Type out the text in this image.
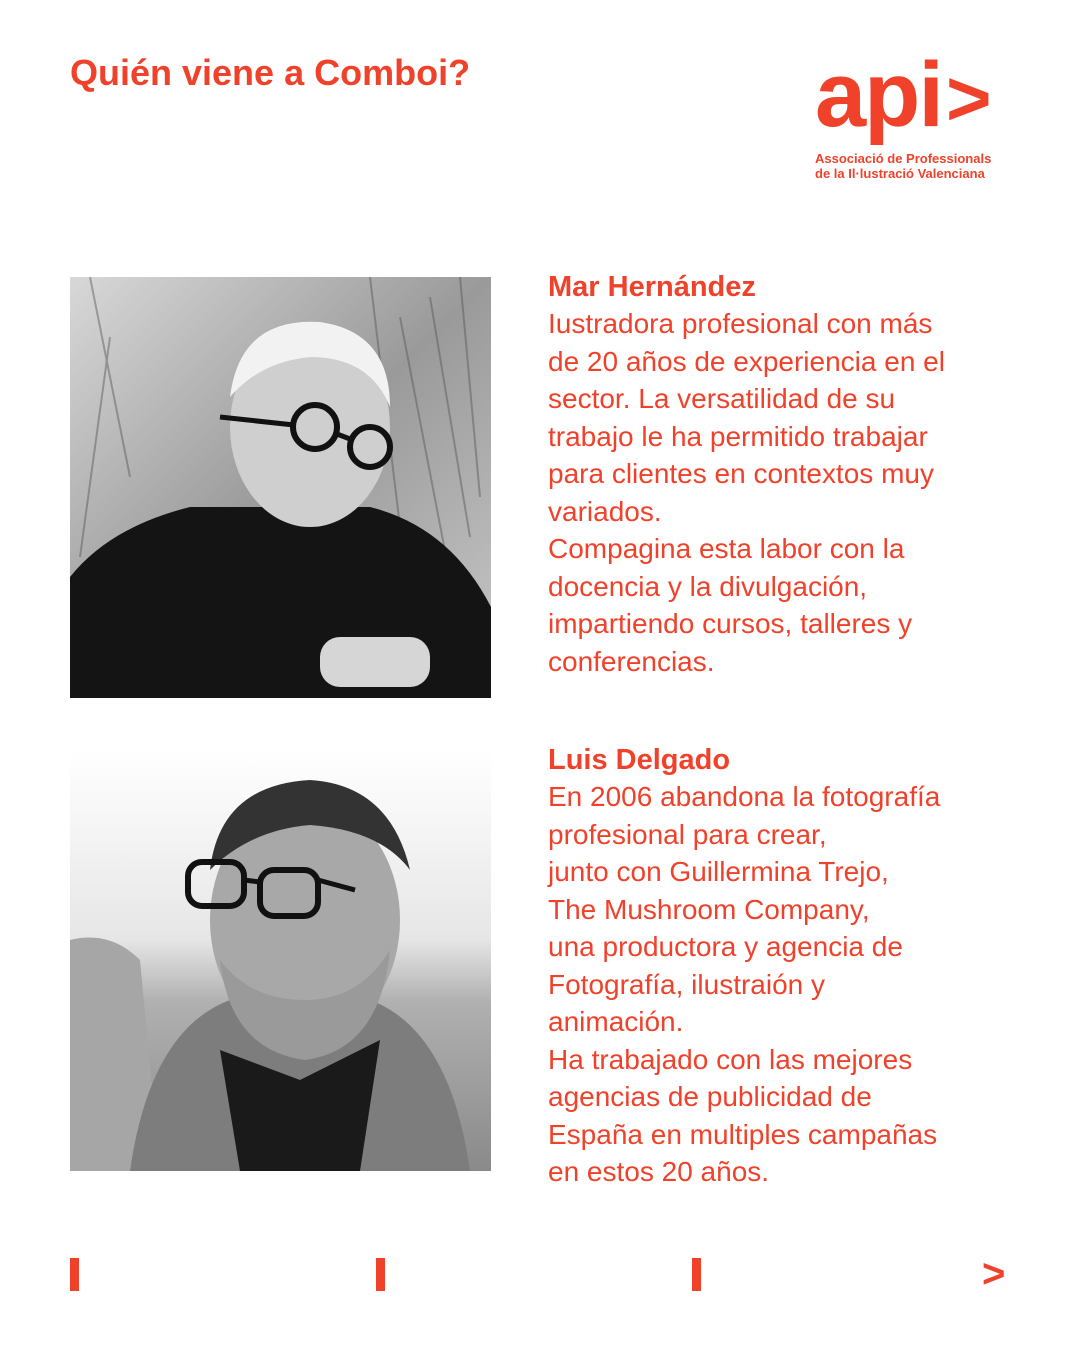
Quién viene a Comboi?	api >
Associació de Professionals
de la Il·lustració Valenciana
Mar Hernández
Iustradora profesional con más
de 20 años de experiencia en el
sector. La versatilidad de su
trabajo le ha permitido trabajar
para clientes en contextos muy
variados.
Compagina esta labor con la
docencia y la divulgación,
impartiendo cursos, talleres y
conferencias.
Luis Delgado
En 2006 abandona la fotografía
profesional para crear,
junto con Guillermina Trejo,
The Mushroom Company,
una productora y agencia de
Fotografía, ilustraión y
animación.
Ha trabajado con las mejores
agencias de publicidad de
España en multiples campañas
en estos 20 años.
>
